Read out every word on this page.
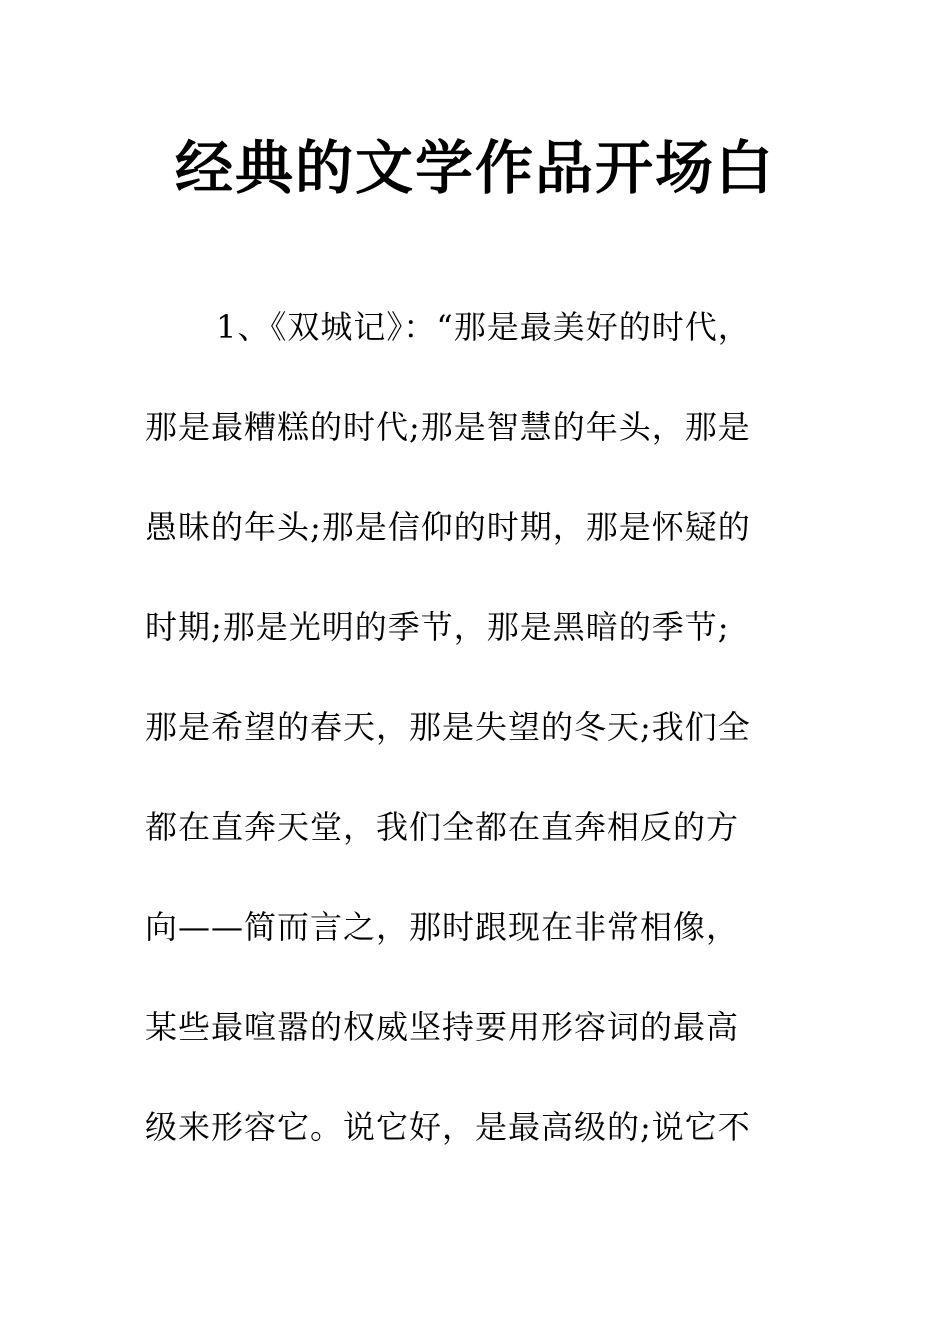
经典的文学作品开场白
1、《双城记》：“那是最美好的时代，
那是最糟糕的时代;那是智慧的年头，那是
愚昧的年头;那是信仰的时期，那是怀疑的
时期;那是光明的季节，那是黑暗的季节;
那是希望的春天，那是失望的冬天;我们全
都在直奔天堂，我们全都在直奔相反的方
向——简而言之，那时跟现在非常相像，
某些最喧嚣的权威坚持要用形容词的最高
级来形容它。说它好，是最高级的;说它不
